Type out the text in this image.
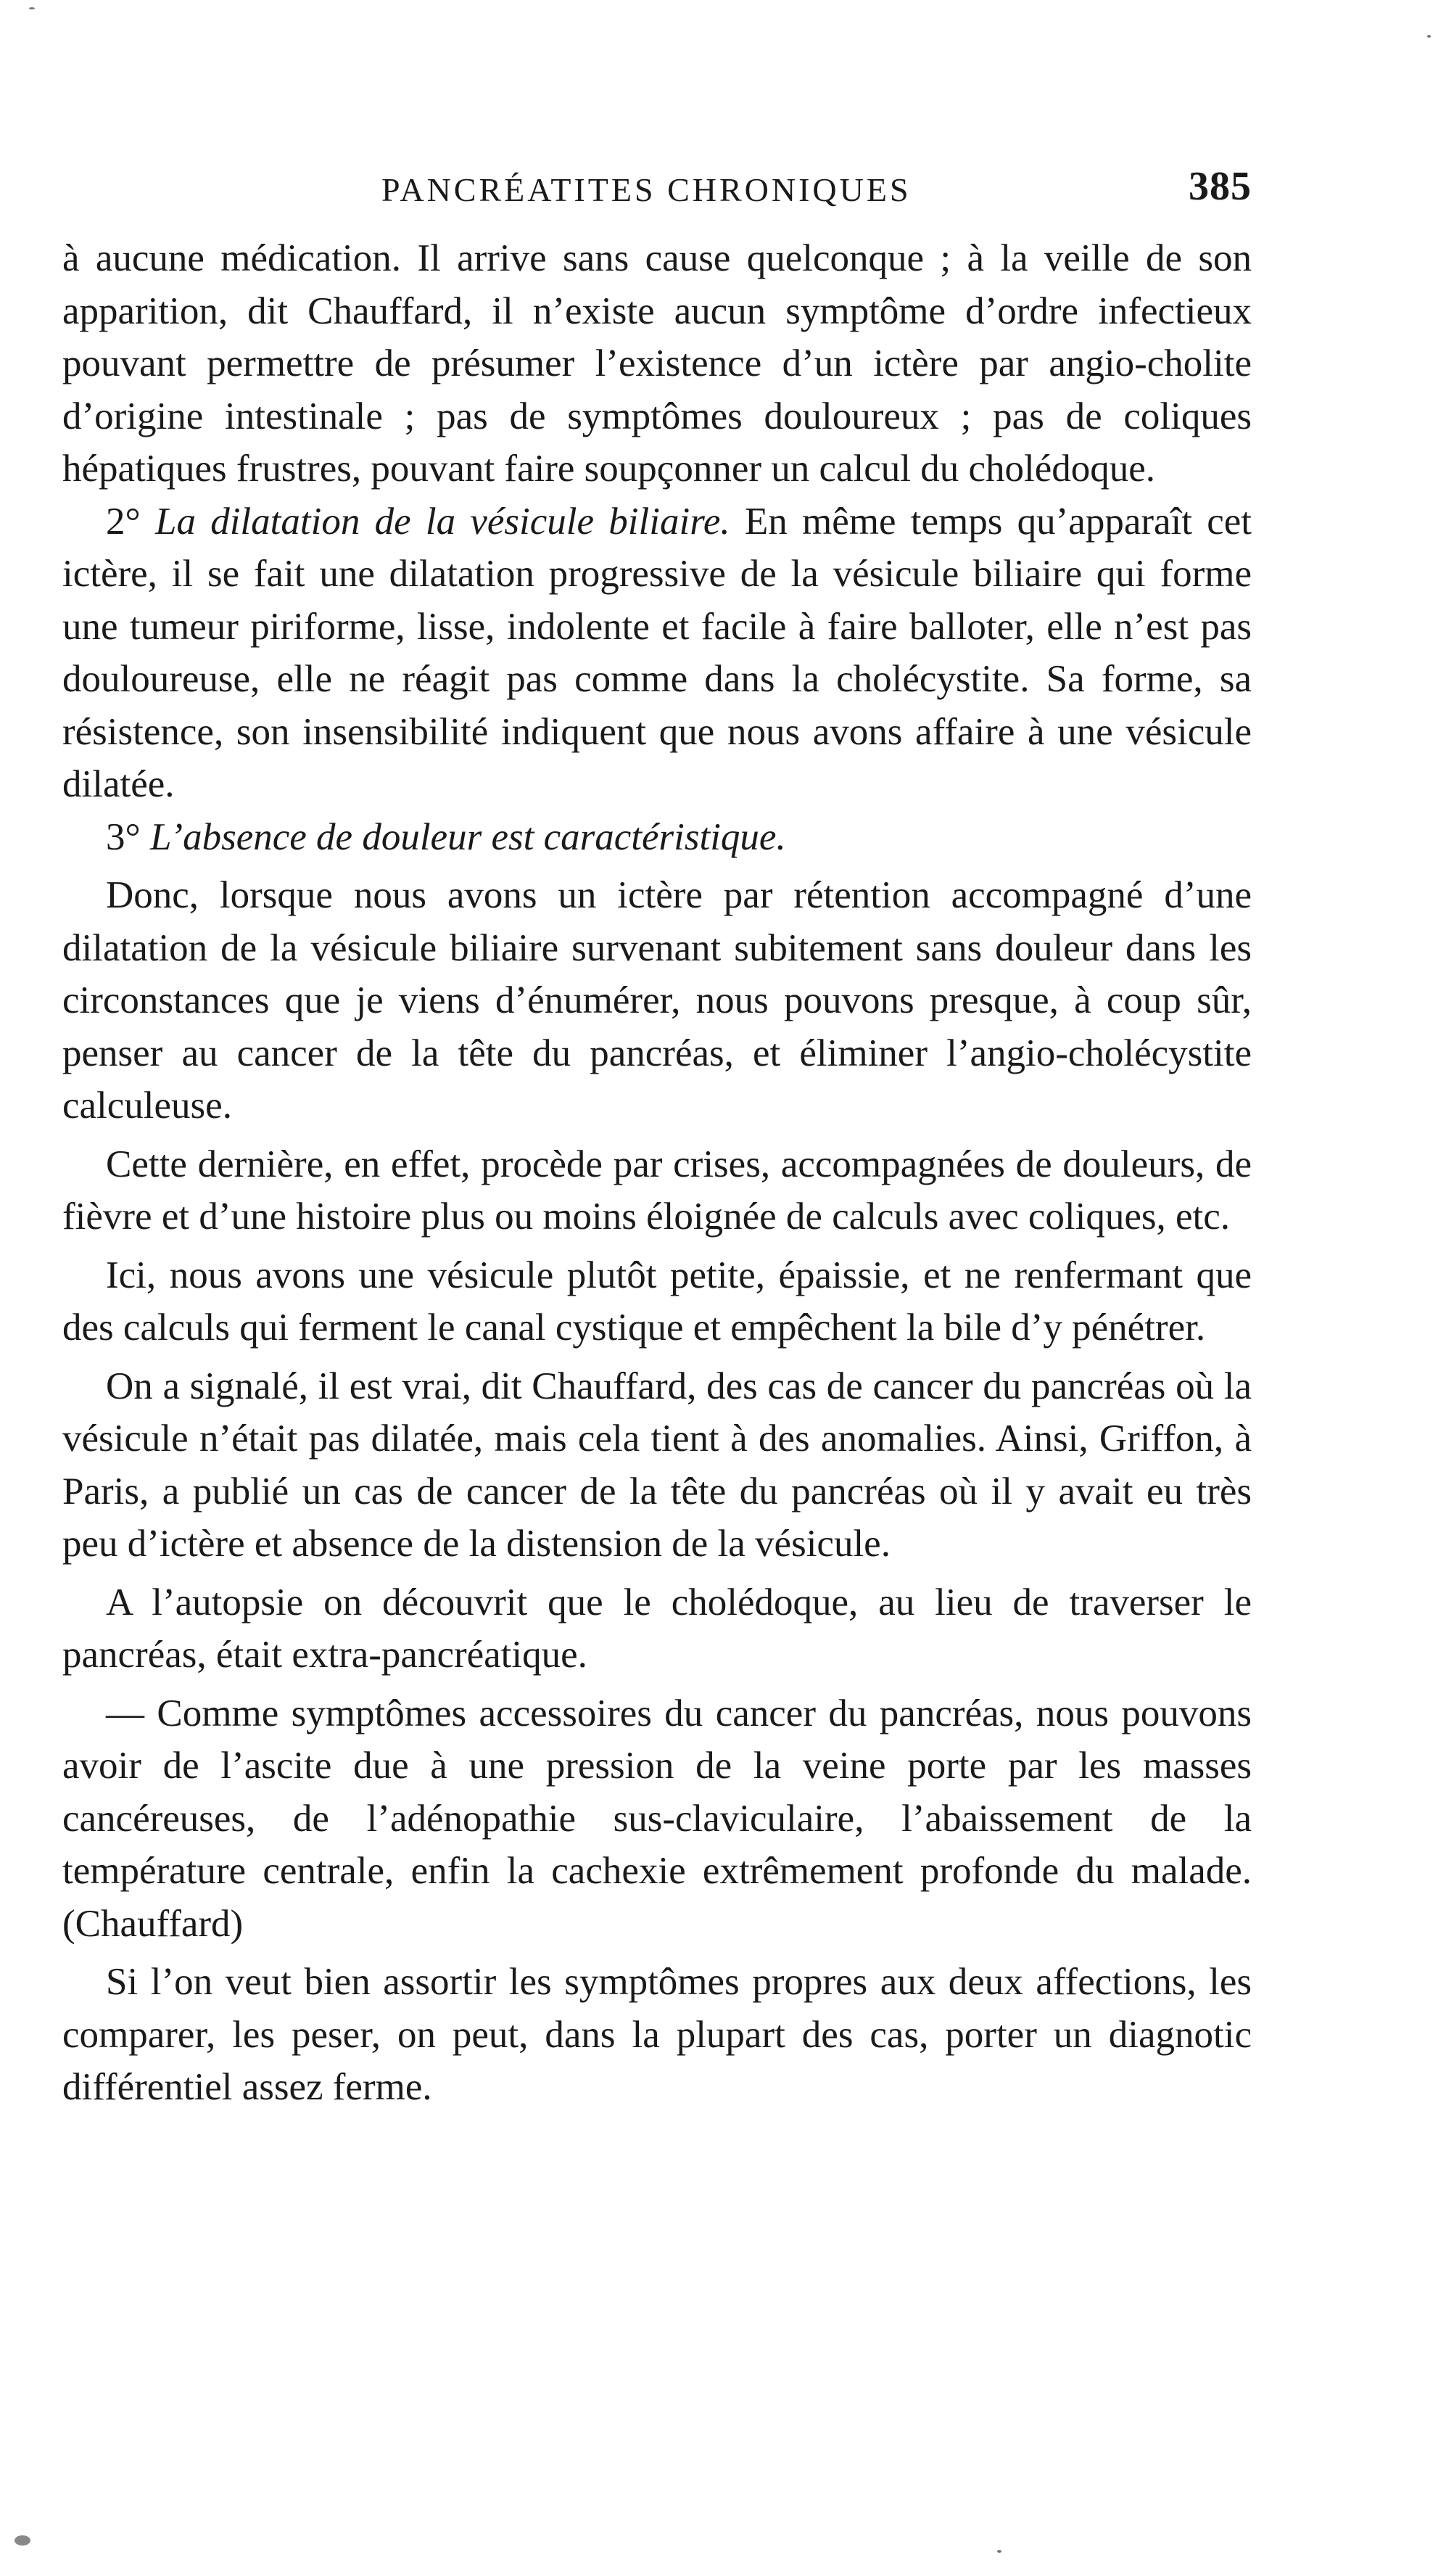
PANCRÉATITES CHRONIQUES	385

à aucune médication. Il arrive sans cause quelconque ; à la veille de son apparition, dit Chauffard, il n’existe aucun symptôme d’ordre infectieux pouvant permettre de présumer l’existence d’un ictère par angio-cholite d’origine intestinale ; pas de symptômes douloureux ; pas de coliques hépatiques frustres, pouvant faire soupçonner un calcul du cholédoque.

2° La dilatation de la vésicule biliaire. En même temps qu’apparaît cet ictère, il se fait une dilatation progressive de la vésicule biliaire qui forme une tumeur piriforme, lisse, indolente et facile à faire balloter, elle n’est pas douloureuse, elle ne réagit pas comme dans la cholécystite. Sa forme, sa résistence, son insensibilité indiquent que nous avons affaire à une vésicule dilatée.

3° L’absence de douleur est caractéristique.

Donc, lorsque nous avons un ictère par rétention accompagné d’une dilatation de la vésicule biliaire survenant subitement sans douleur dans les circonstances que je viens d’énumérer, nous pouvons presque, à coup sûr, penser au cancer de la tête du pancréas, et éliminer l’angio-cholécystite calculeuse.

Cette dernière, en effet, procède par crises, accompagnées de douleurs, de fièvre et d’une histoire plus ou moins éloignée de calculs avec coliques, etc.

Ici, nous avons une vésicule plutôt petite, épaissie, et ne renfermant que des calculs qui ferment le canal cystique et empêchent la bile d’y pénétrer.

On a signalé, il est vrai, dit Chauffard, des cas de cancer du pancréas où la vésicule n’était pas dilatée, mais cela tient à des anomalies. Ainsi, Griffon, à Paris, a publié un cas de cancer de la tête du pancréas où il y avait eu très peu d’ictère et absence de la distension de la vésicule.

A l’autopsie on découvrit que le cholédoque, au lieu de traverser le pancréas, était extra-pancréatique.

— Comme symptômes accessoires du cancer du pancréas, nous pouvons avoir de l’ascite due à une pression de la veine porte par les masses cancéreuses, de l’adénopathie sus-claviculaire, l’abaissement de la température centrale, enfin la cachexie extrêmement profonde du malade. (Chauffard)

Si l’on veut bien assortir les symptômes propres aux deux affections, les comparer, les peser, on peut, dans la plupart des cas, porter un diagnotic différentiel assez ferme.
